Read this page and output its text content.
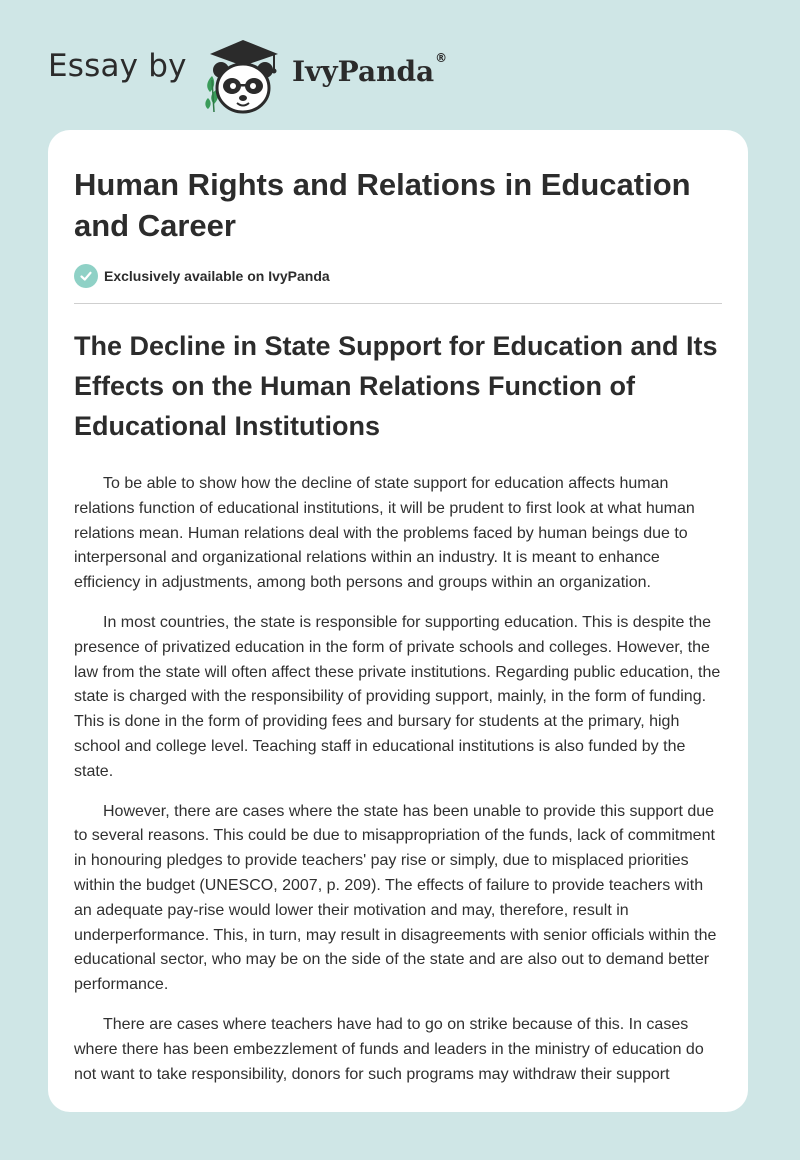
Essay by	IvyPanda®
Human Rights and Relations in Education and Career
Exclusively available on IvyPanda
The Decline in State Support for Education and Its Effects on the Human Relations Function of Educational Institutions

To be able to show how the decline of state support for education affects human relations function of educational institutions, it will be prudent to first look at what human relations mean. Human relations deal with the problems faced by human beings due to interpersonal and organizational relations within an industry. It is meant to enhance efficiency in adjustments, among both persons and groups within an organization.

In most countries, the state is responsible for supporting education. This is despite the presence of privatized education in the form of private schools and colleges. However, the law from the state will often affect these private institutions. Regarding public education, the state is charged with the responsibility of providing support, mainly, in the form of funding. This is done in the form of providing fees and bursary for students at the primary, high school and college level. Teaching staff in educational institutions is also funded by the state.

However, there are cases where the state has been unable to provide this support due to several reasons. This could be due to misappropriation of the funds, lack of commitment in honouring pledges to provide teachers' pay rise or simply, due to misplaced priorities within the budget (UNESCO, 2007, p. 209). The effects of failure to provide teachers with an adequate pay-rise would lower their motivation and may, therefore, result in underperformance. This, in turn, may result in disagreements with senior officials within the educational sector, who may be on the side of the state and are also out to demand better performance.

There are cases where teachers have had to go on strike because of this. In cases where there has been embezzlement of funds and leaders in the ministry of education do not want to take responsibility, donors for such programs may withdraw their support
